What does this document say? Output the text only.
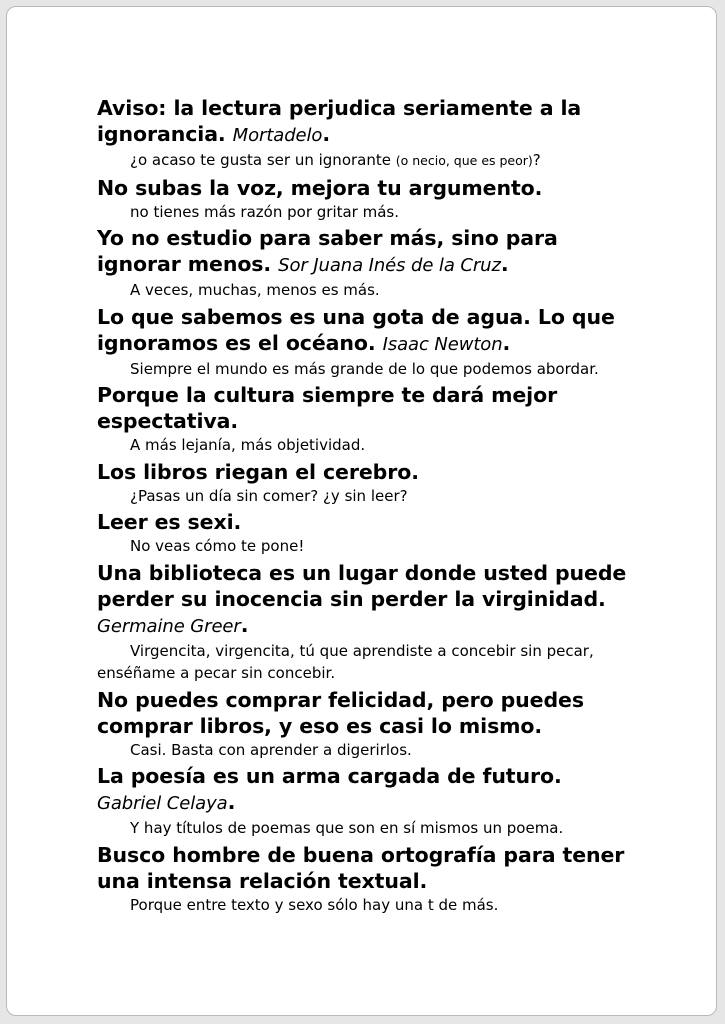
Aviso: la lectura perjudica seriamente a la ignorancia. Mortadelo.
¿o acaso te gusta ser un ignorante (o necio, que es peor)?
No subas la voz, mejora tu argumento.
no tienes más razón por gritar más.
Yo no estudio para saber más, sino para ignorar menos. Sor Juana Inés de la Cruz.
A veces, muchas, menos es más.
Lo que sabemos es una gota de agua. Lo que ignoramos es el océano. Isaac Newton.
Siempre el mundo es más grande de lo que podemos abordar.
Porque la cultura siempre te dará mejor espectativa.
A más lejanía, más objetividad.
Los libros riegan el cerebro.
¿Pasas un día sin comer? ¿y sin leer?
Leer es sexi.
No veas cómo te pone!
Una biblioteca es un lugar donde usted puede perder su inocencia sin perder la virginidad. Germaine Greer.
Virgencita, virgencita, tú que aprendiste a concebir sin pecar, enséñame a pecar sin concebir.
No puedes comprar felicidad, pero puedes comprar libros, y eso es casi lo mismo.
Casi. Basta con aprender a digerirlos.
La poesía es un arma cargada de futuro. Gabriel Celaya.
Y hay títulos de poemas que son en sí mismos un poema.
Busco hombre de buena ortografía para tener una intensa relación textual.
Porque entre texto y sexo sólo hay una t de más.
